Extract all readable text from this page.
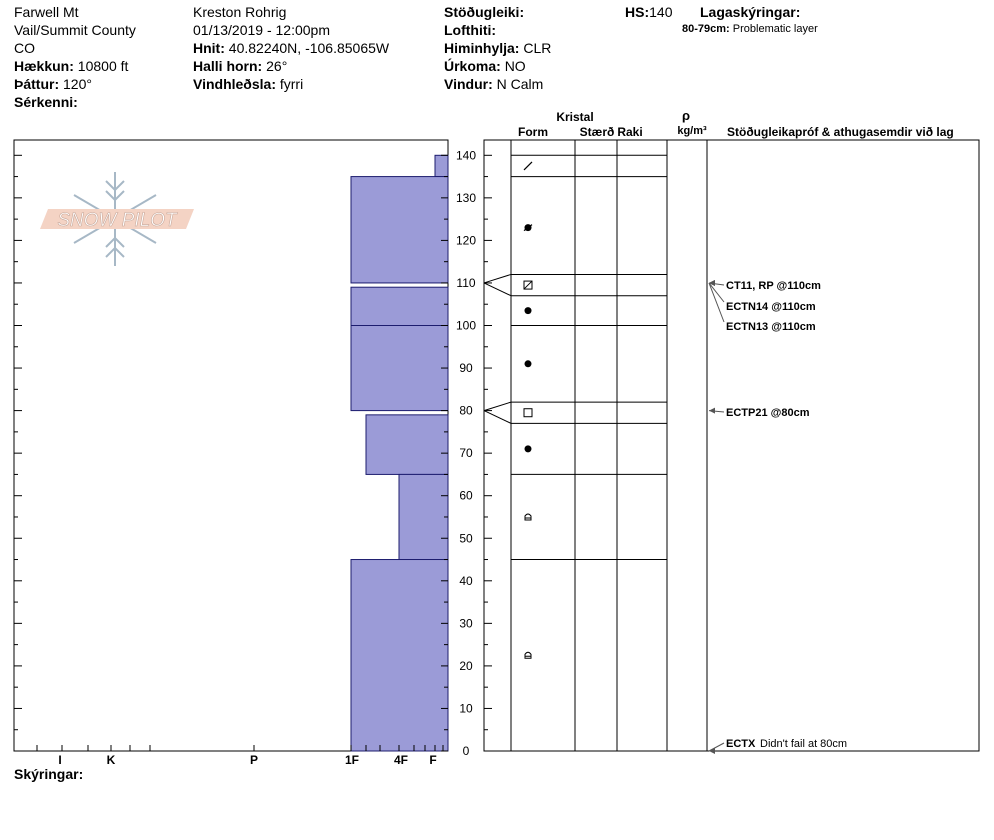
Farwell Mt
Vail/Summit County
CO
Hækkun: 10800 ft
Þáttur: 120°
Sérkenni:
Kreston Rohrig
01/13/2019 - 12:00pm
Hnit: 40.82240N, -106.85065W
Halli horn: 26°
Vindhleðsla: fyrri
Stöðugleiki:
Lofthiti:
Himinhylja: CLR
Úrkoma: NO
Vindur: N Calm
HS:140 Lagaskýringar:
80-79cm: Problematic layer
Skýringar:
SNOW PILOT
I	K	P	1F	4F F
0
10
20
30
40
50
60
70
80
90
100
110
120
130
140
Kristal
Form	Stærð Raki
ρ
kg/m³ Stöðugleikapróf & athugasemdir við lag
CT11, RP @110cm
ECTN14 @110cm
ECTN13 @110cm
ECTP21 @80cm
ECTX Didn't fail at 80cm
